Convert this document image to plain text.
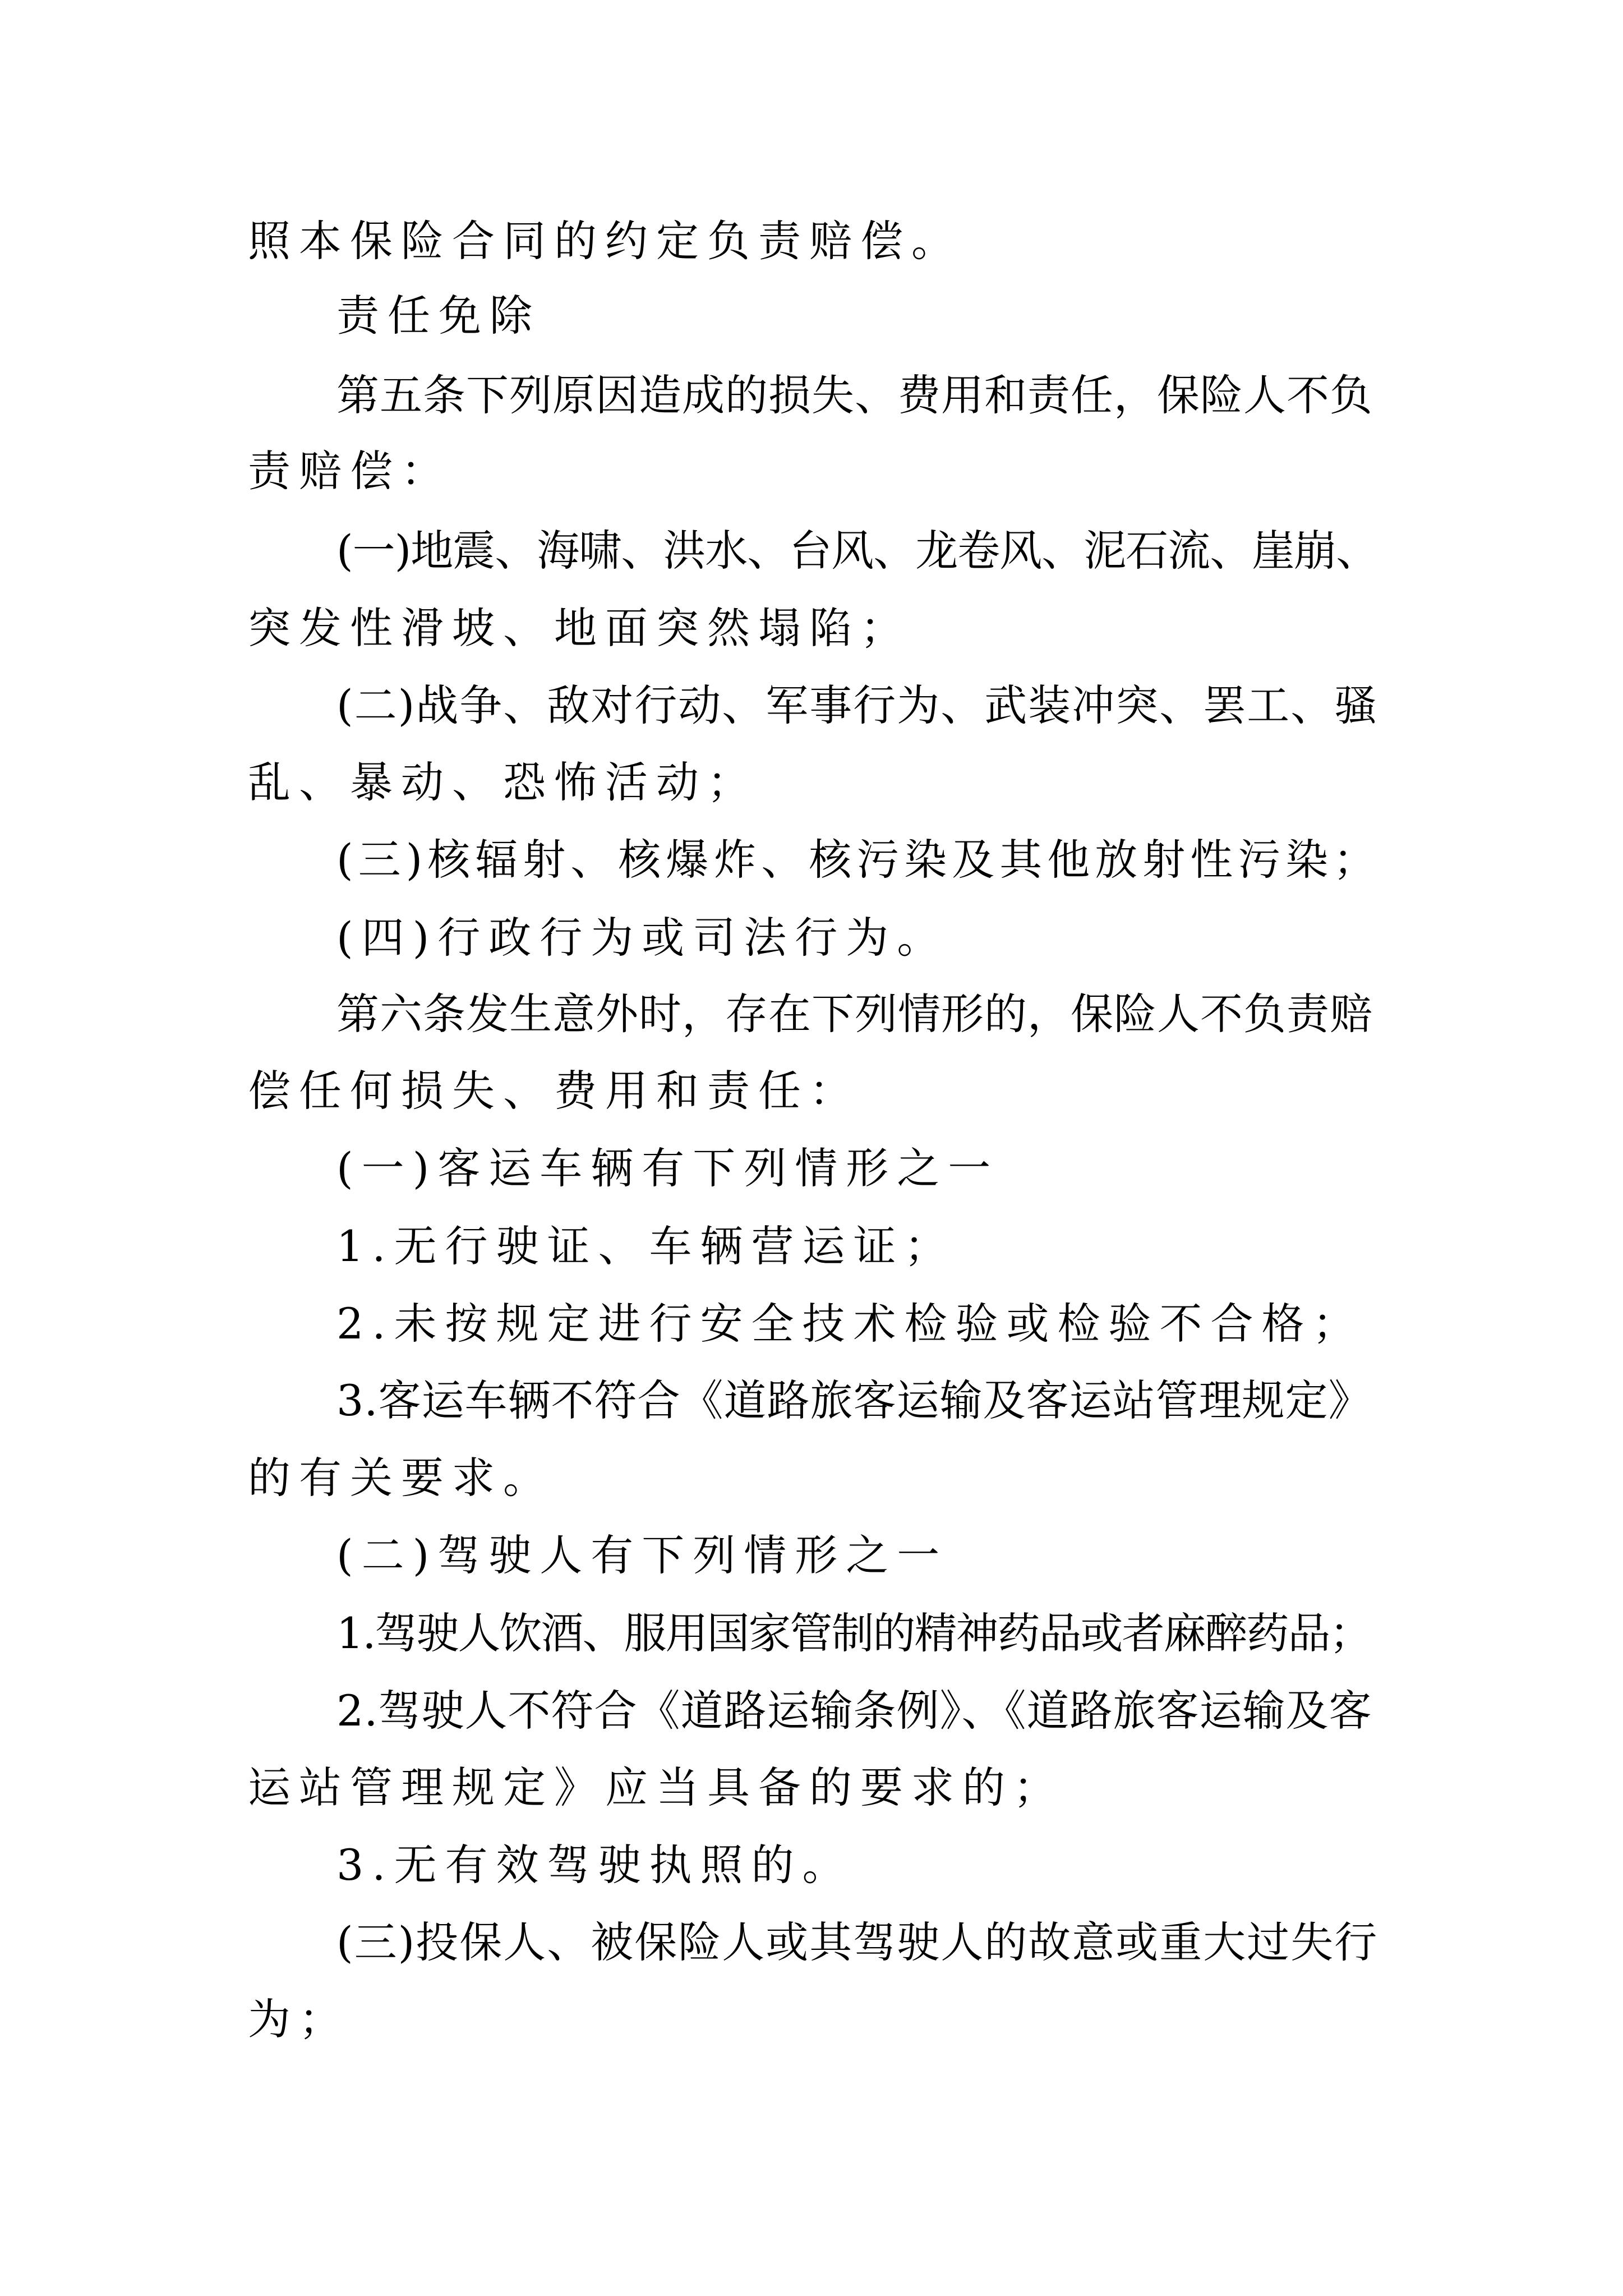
照本保险合同的约定负责赔偿。
责任免除
第五条下列原因造成的损失、费用和责任，保险人不负
责赔偿：
(一)地震、海啸、洪水、台风、龙卷风、泥石流、崖崩、
突发性滑坡、地面突然塌陷；
(二)战争、敌对行动、军事行为、武装冲突、罢工、骚
乱、暴动、恐怖活动；
(三)核辐射、核爆炸、核污染及其他放射性污染；
(四)行政行为或司法行为。
第六条发生意外时，存在下列情形的，保险人不负责赔
偿任何损失、费用和责任：
(一)客运车辆有下列情形之一
1.无行驶证、车辆营运证；
2.未按规定进行安全技术检验或检验不合格；
3.客运车辆不符合《道路旅客运输及客运站管理规定》
的有关要求。
(二)驾驶人有下列情形之一
1.驾驶人饮酒、服用国家管制的精神药品或者麻醉药品；
2.驾驶人不符合《道路运输条例》、《道路旅客运输及客
运站管理规定》应当具备的要求的；
3.无有效驾驶执照的。
(三)投保人、被保险人或其驾驶人的故意或重大过失行
为；
